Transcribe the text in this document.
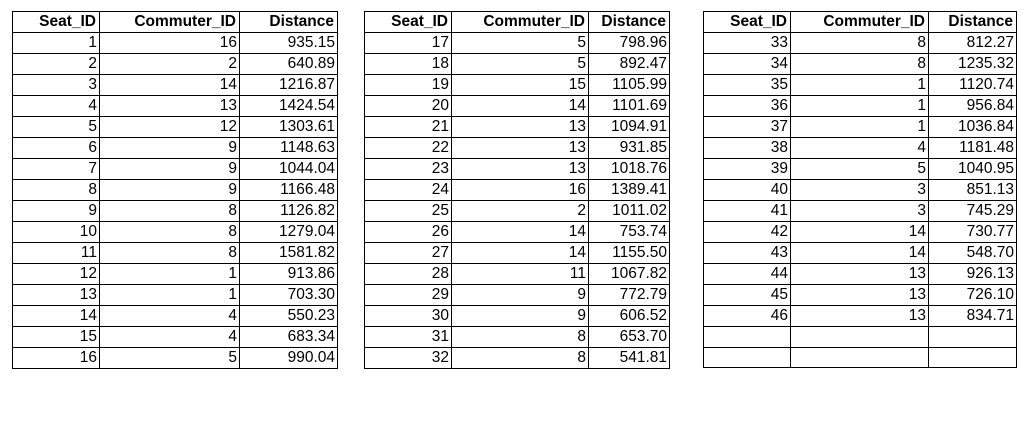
Seat_ID	Commuter_ID	Distance
1	16	935.15
2	2	640.89
3	14	1216.87
4	13	1424.54
5	12	1303.61
6	9	1148.63
7	9	1044.04
8	9	1166.48
9	8	1126.82
10	8	1279.04
11	8	1581.82
12	1	913.86
13	1	703.30
14	4	550.23
15	4	683.34
16	5	990.04
Seat_ID	Commuter_ID	Distance
17	5	798.96
18	5	892.47
19	15	1105.99
20	14	1101.69
21	13	1094.91
22	13	931.85
23	13	1018.76
24	16	1389.41
25	2	1011.02
26	14	753.74
27	14	1155.50
28	11	1067.82
29	9	772.79
30	9	606.52
31	8	653.70
32	8	541.81
Seat_ID	Commuter_ID	Distance
33	8	812.27
34	8	1235.32
35	1	1120.74
36	1	956.84
37	1	1036.84
38	4	1181.48
39	5	1040.95
40	3	851.13
41	3	745.29
42	14	730.77
43	14	548.70
44	13	926.13
45	13	726.10
46	13	834.71
